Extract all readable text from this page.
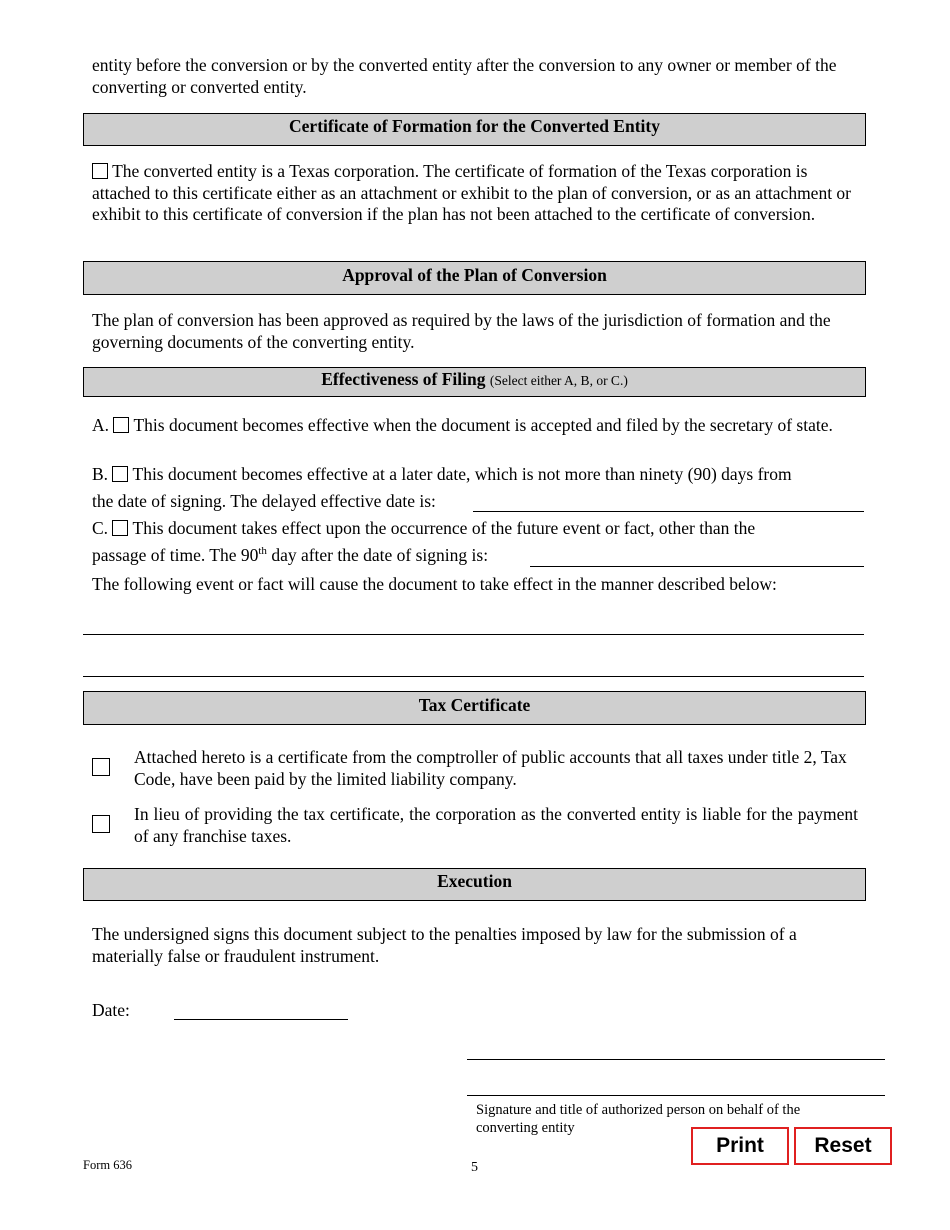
entity before the conversion or by the converted entity after the conversion to any owner or member of the converting or converted entity.
Certificate of Formation for the Converted Entity
The converted entity is a Texas corporation. The certificate of formation of the Texas corporation is attached to this certificate either as an attachment or exhibit to the plan of conversion, or as an attachment or exhibit to this certificate of conversion if the plan has not been attached to the certificate of conversion.
Approval of the Plan of Conversion
The plan of conversion has been approved as required by the laws of the jurisdiction of formation and the governing documents of the converting entity.
Effectiveness of Filing (Select either A, B, or C.)
A. This document becomes effective when the document is accepted and filed by the secretary of state.
B. This document becomes effective at a later date, which is not more than ninety (90) days from
the date of signing. The delayed effective date is:
C. This document takes effect upon the occurrence of the future event or fact, other than the
passage of time. The 90th day after the date of signing is:
The following event or fact will cause the document to take effect in the manner described below:
Tax Certificate
Attached hereto is a certificate from the comptroller of public accounts that all taxes under title 2, Tax Code, have been paid by the limited liability company.
In lieu of providing the tax certificate, the corporation as the converted entity is liable for the payment of any franchise taxes.
Execution
The undersigned signs this document subject to the penalties imposed by law for the submission of a materially false or fraudulent instrument.
Date:
Signature and title of authorized person on behalf of the converting entity
Form 636	5
Print	Reset
